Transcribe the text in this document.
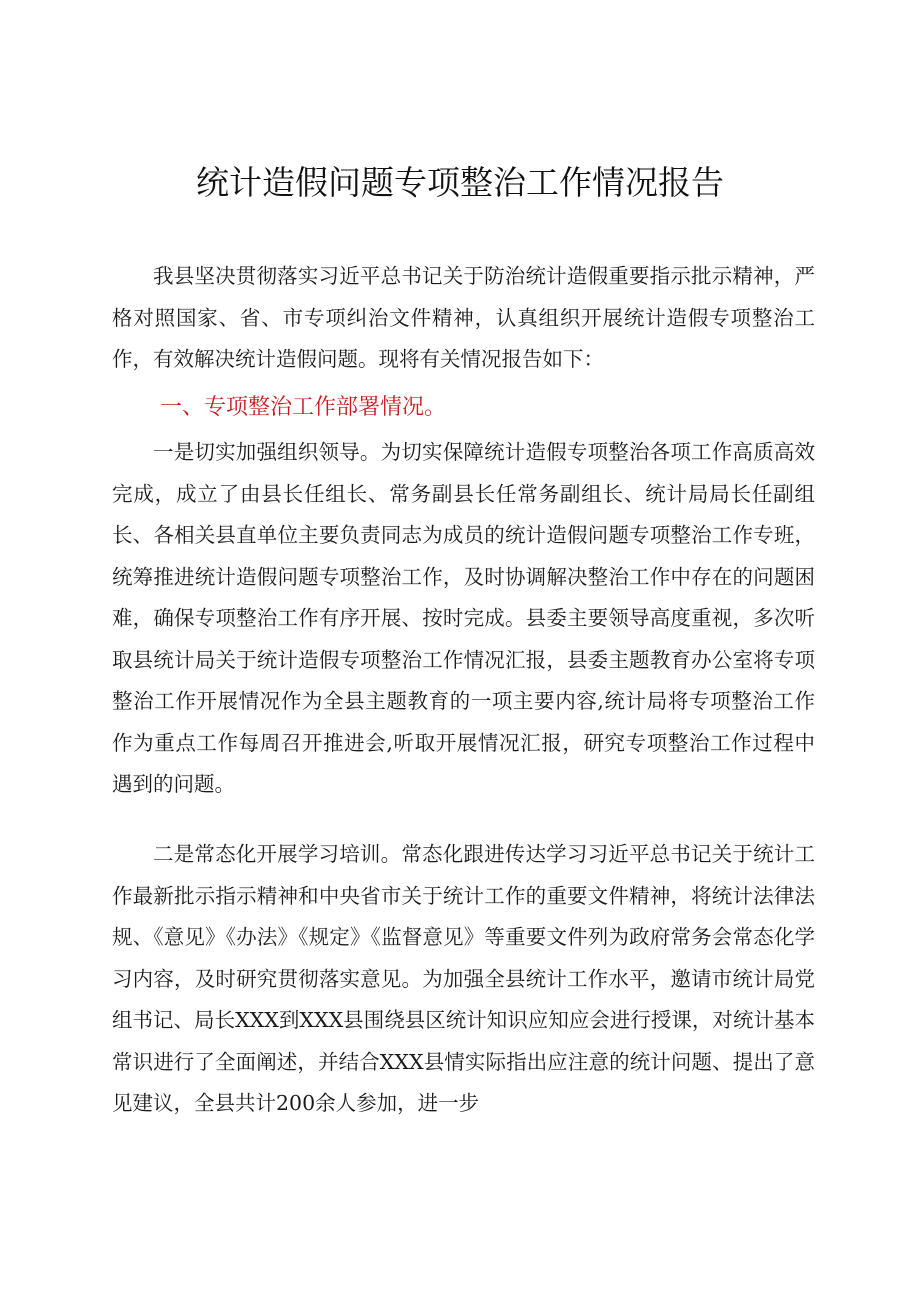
统计造假问题专项整治工作情况报告

我县坚决贯彻落实习近平总书记关于防治统计造假重要指示批示精神，严格对照国家、省、市专项纠治文件精神，认真组织开展统计造假专项整治工作，有效解决统计造假问题。现将有关情况报告如下：

一、专项整治工作部署情况。

一是切实加强组织领导。为切实保障统计造假专项整治各项工作高质高效完成，成立了由县长任组长、常务副县长任常务副组长、统计局局长任副组长、各相关县直单位主要负责同志为成员的统计造假问题专项整治工作专班，统筹推进统计造假问题专项整治工作，及时协调解决整治工作中存在的问题困难，确保专项整治工作有序开展、按时完成。县委主要领导高度重视，多次听取县统计局关于统计造假专项整治工作情况汇报，县委主题教育办公室将专项整治工作开展情况作为全县主题教育的一项主要内容,统计局将专项整治工作作为重点工作每周召开推进会,听取开展情况汇报，研究专项整治工作过程中遇到的问题。

二是常态化开展学习培训。常态化跟进传达学习习近平总书记关于统计工作最新批示指示精神和中央省市关于统计工作的重要文件精神，将统计法律法规、《意见》《办法》《规定》《监督意见》等重要文件列为政府常务会常态化学习内容，及时研究贯彻落实意见。为加强全县统计工作水平，邀请市统计局党组书记、局长XXX到XXX县围绕县区统计知识应知应会进行授课，对统计基本常识进行了全面阐述，并结合XXX县情实际指出应注意的统计问题、提出了意见建议，全县共计200余人参加，进一步
